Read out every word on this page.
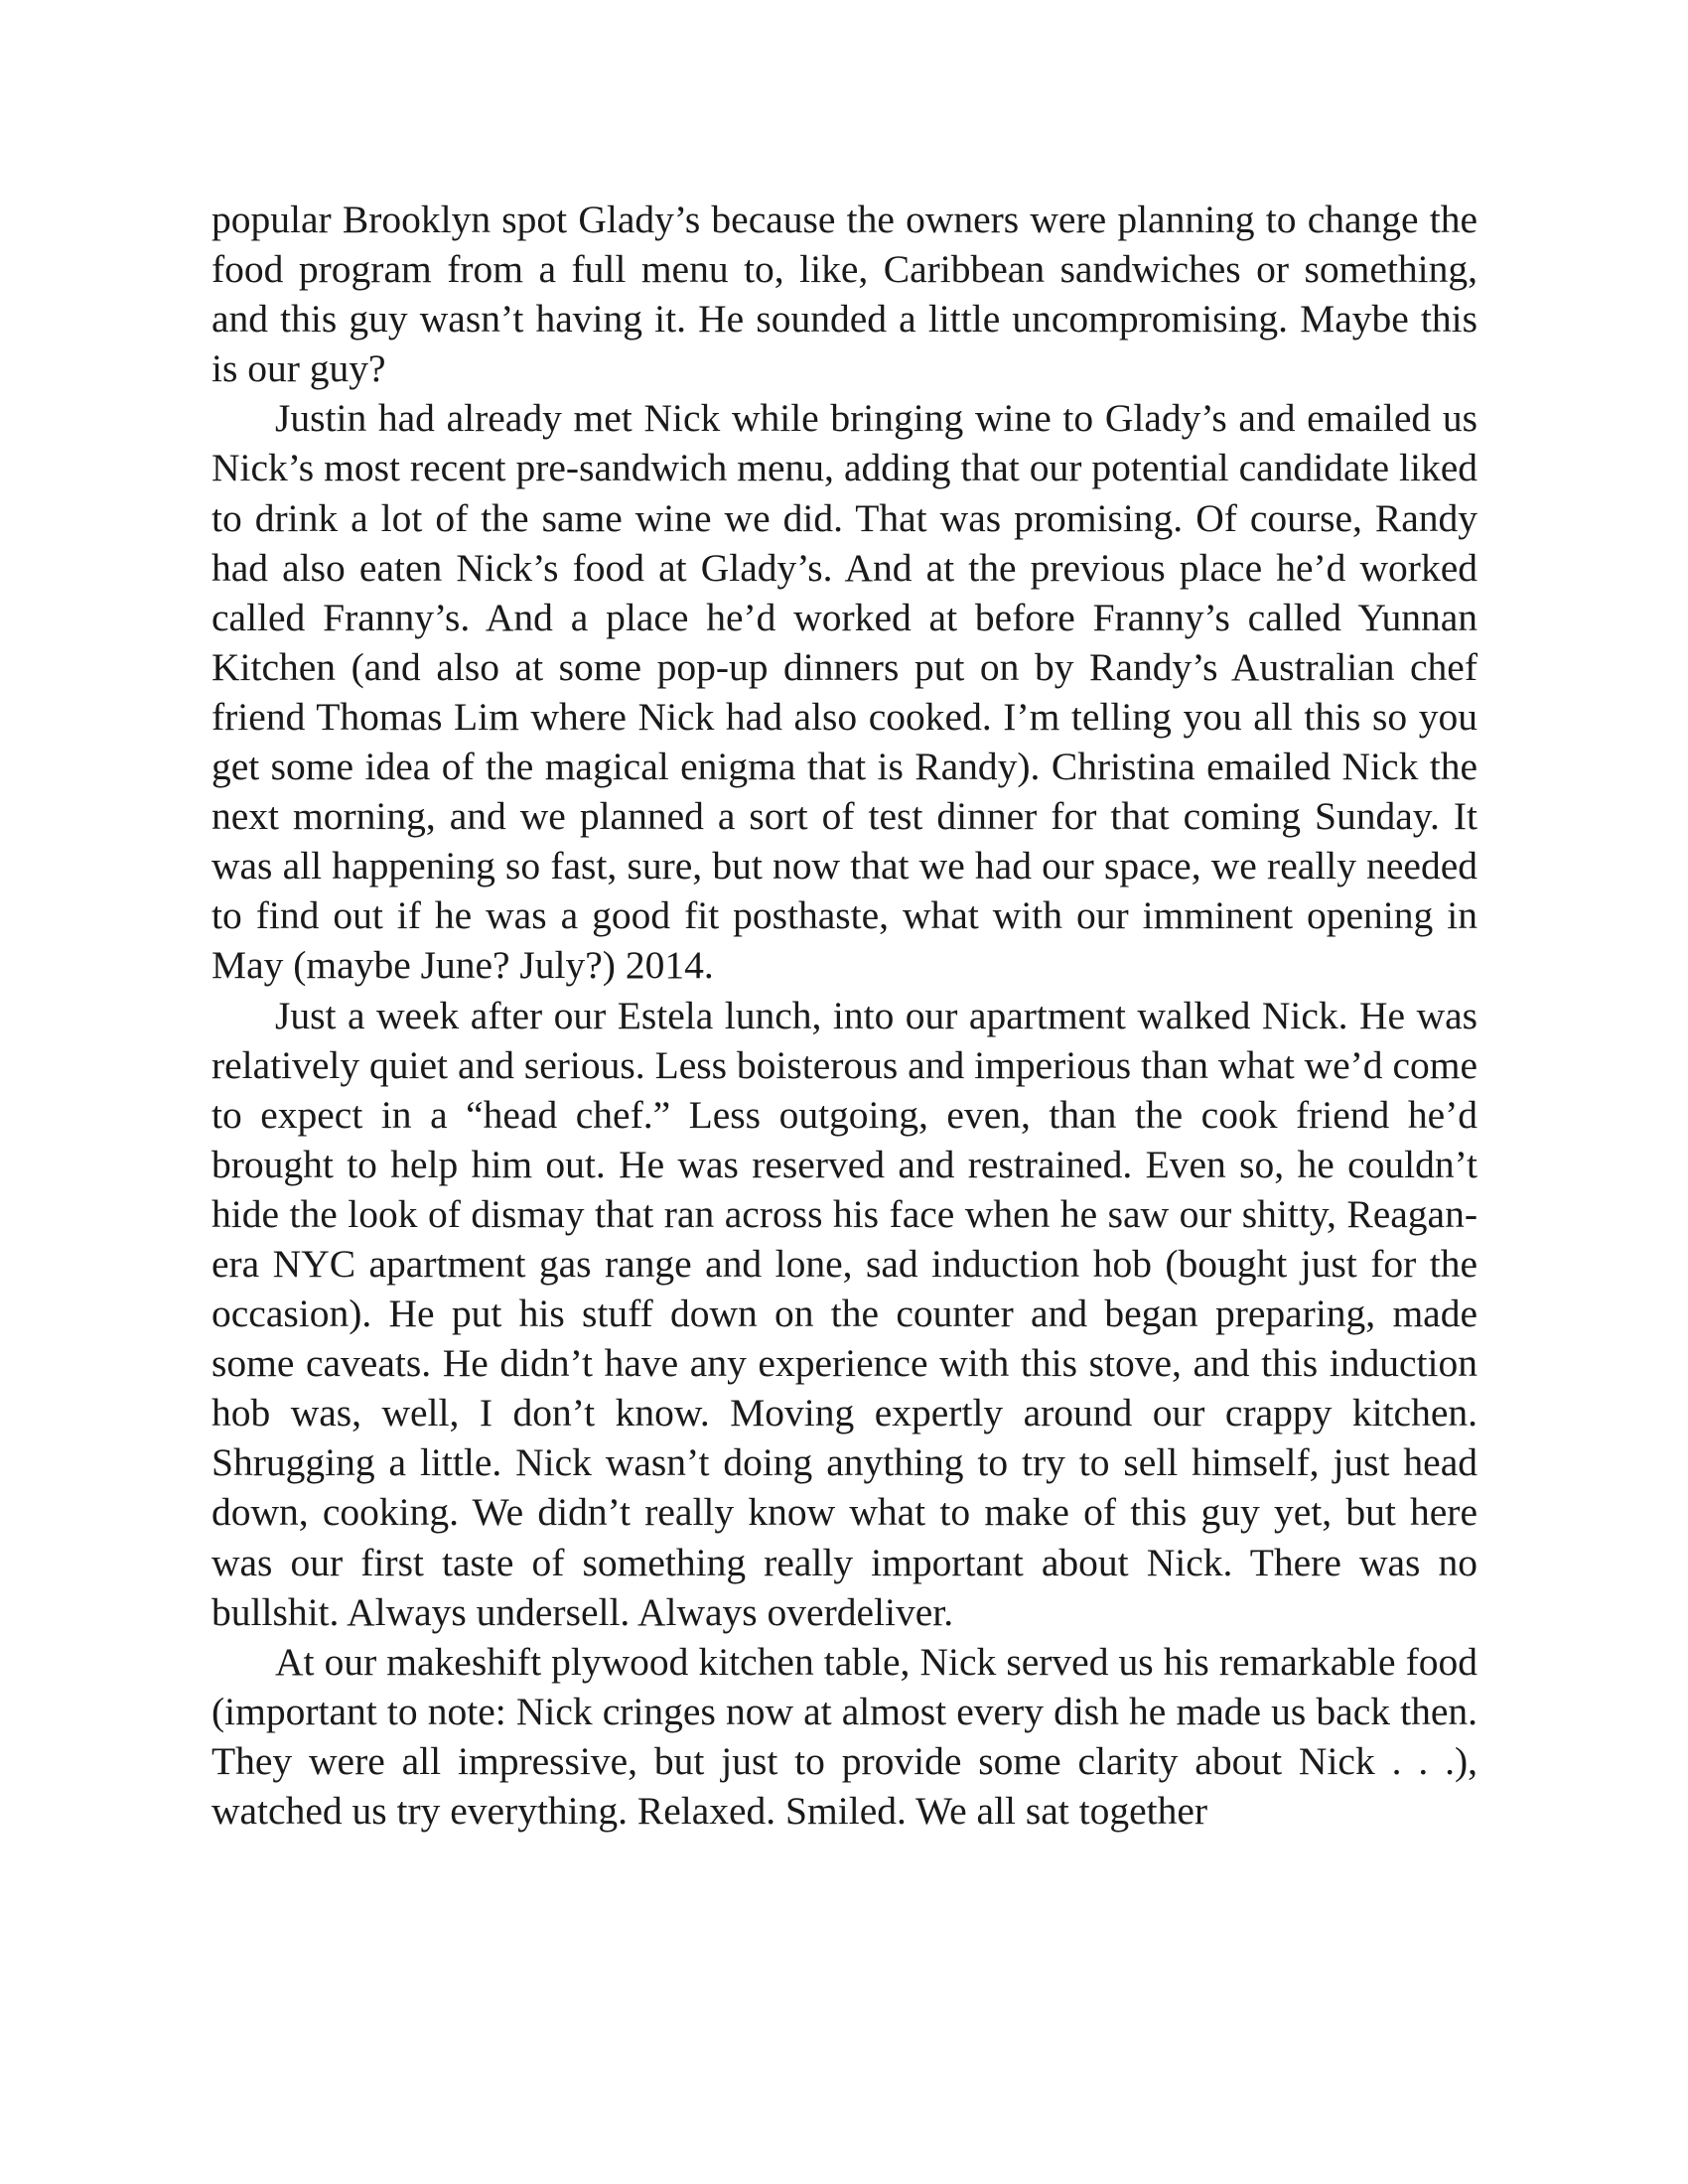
popular Brooklyn spot Glady’s because the owners were planning to change the food program from a full menu to, like, Caribbean sandwiches or something, and this guy wasn’t having it. He sounded a little uncompromising. Maybe this is our guy?

Justin had already met Nick while bringing wine to Glady’s and emailed us Nick’s most recent pre-sandwich menu, adding that our potential candidate liked to drink a lot of the same wine we did. That was promising. Of course, Randy had also eaten Nick’s food at Glady’s. And at the previous place he’d worked called Franny’s. And a place he’d worked at before Franny’s called Yunnan Kitchen (and also at some pop-up dinners put on by Randy’s Australian chef friend Thomas Lim where Nick had also cooked. I’m telling you all this so you get some idea of the magical enigma that is Randy). Christina emailed Nick the next morning, and we planned a sort of test dinner for that coming Sunday. It was all happening so fast, sure, but now that we had our space, we really needed to find out if he was a good fit posthaste, what with our imminent opening in May (maybe June? July?) 2014.

Just a week after our Estela lunch, into our apartment walked Nick. He was relatively quiet and serious. Less boisterous and imperious than what we’d come to expect in a “head chef.” Less outgoing, even, than the cook friend he’d brought to help him out. He was reserved and restrained. Even so, he couldn’t hide the look of dismay that ran across his face when he saw our shitty, Reagan-era NYC apartment gas range and lone, sad induction hob (bought just for the occasion). He put his stuff down on the counter and began preparing, made some caveats. He didn’t have any experience with this stove, and this induction hob was, well, I don’t know. Moving expertly around our crappy kitchen. Shrugging a little. Nick wasn’t doing anything to try to sell himself, just head down, cooking. We didn’t really know what to make of this guy yet, but here was our first taste of something really important about Nick. There was no bullshit. Always undersell. Always overdeliver.

At our makeshift plywood kitchen table, Nick served us his remarkable food (important to note: Nick cringes now at almost every dish he made us back then. They were all impressive, but just to provide some clarity about Nick . . .), watched us try everything. Relaxed. Smiled. We all sat together
